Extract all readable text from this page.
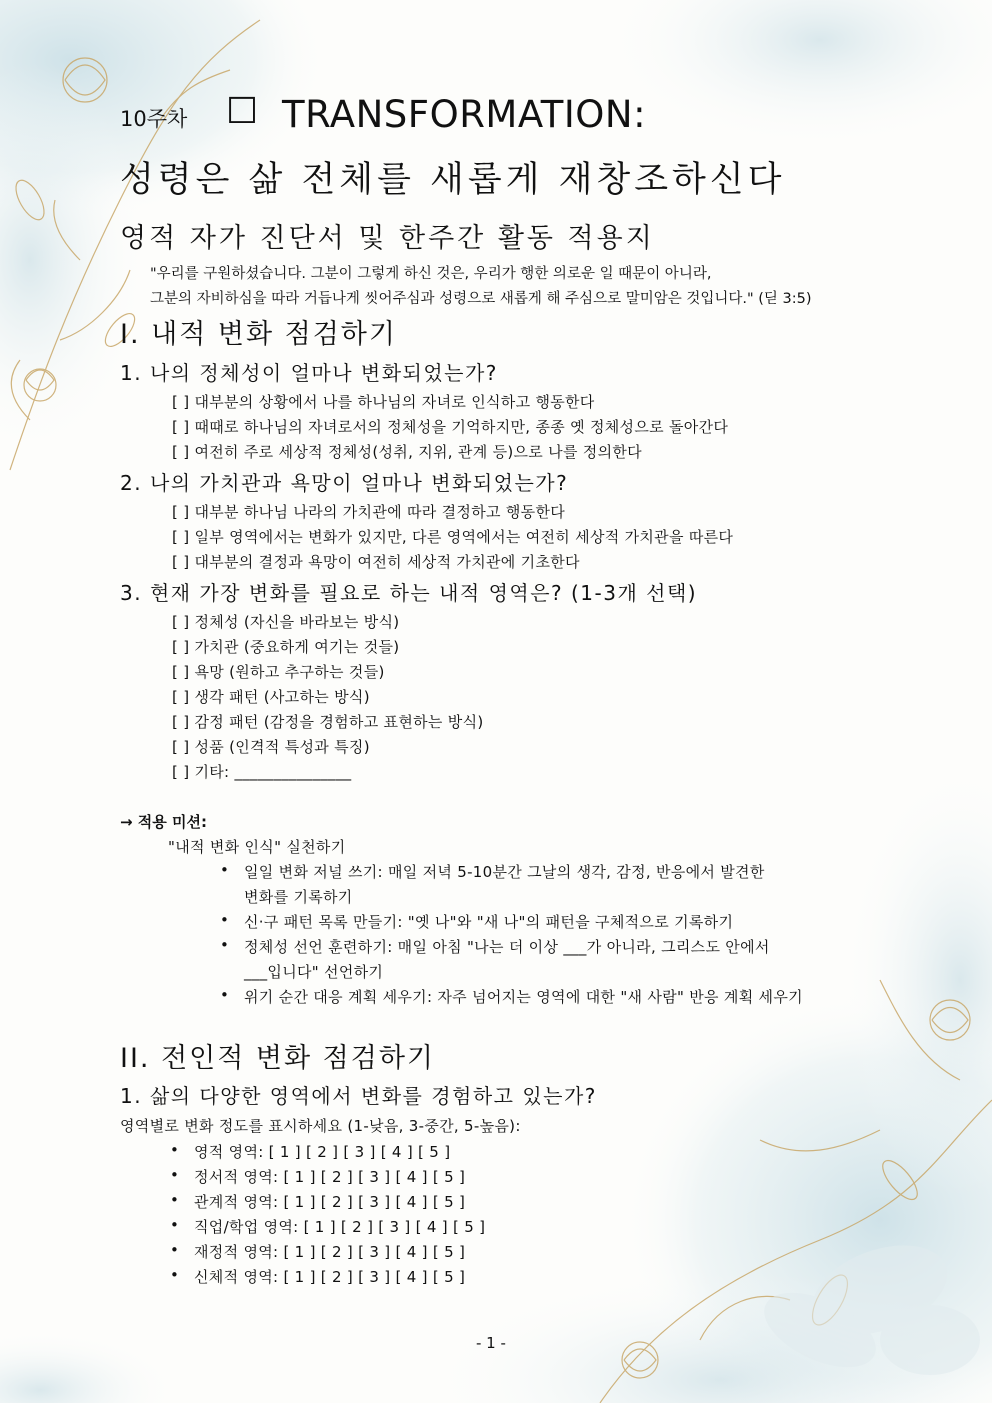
10주차 ☐ TRANSFORMATION:
성령은 삶 전체를 새롭게 재창조하신다
영적 자가 진단서 및 한주간 활동 적용지
"우리를 구원하셨습니다. 그분이 그렇게 하신 것은, 우리가 행한 의로운 일 때문이 아니라,
그분의 자비하심을 따라 거듭나게 씻어주심과 성령으로 새롭게 해 주심으로 말미암은 것입니다." (딛 3:5)
I. 내적 변화 점검하기
1. 나의 정체성이 얼마나 변화되었는가?
[ ] 대부분의 상황에서 나를 하나님의 자녀로 인식하고 행동한다
[ ] 때때로 하나님의 자녀로서의 정체성을 기억하지만, 종종 옛 정체성으로 돌아간다
[ ] 여전히 주로 세상적 정체성(성취, 지위, 관계 등)으로 나를 정의한다
2. 나의 가치관과 욕망이 얼마나 변화되었는가?
[ ] 대부분 하나님 나라의 가치관에 따라 결정하고 행동한다
[ ] 일부 영역에서는 변화가 있지만, 다른 영역에서는 여전히 세상적 가치관을 따른다
[ ] 대부분의 결정과 욕망이 여전히 세상적 가치관에 기초한다
3. 현재 가장 변화를 필요로 하는 내적 영역은? (1-3개 선택)
[ ] 정체성 (자신을 바라보는 방식)
[ ] 가치관 (중요하게 여기는 것들)
[ ] 욕망 (원하고 추구하는 것들)
[ ] 생각 패턴 (사고하는 방식)
[ ] 감정 패턴 (감정을 경험하고 표현하는 방식)
[ ] 성품 (인격적 특성과 특징)
[ ] 기타: _______________
→ 적용 미션:
"내적 변화 인식" 실천하기
• 일일 변화 저널 쓰기: 매일 저녁 5-10분간 그날의 생각, 감정, 반응에서 발견한
변화를 기록하기
• 신·구 패턴 목록 만들기: "옛 나"와 "새 나"의 패턴을 구체적으로 기록하기
• 정체성 선언 훈련하기: 매일 아침 "나는 더 이상 ___가 아니라, 그리스도 안에서
___입니다" 선언하기
• 위기 순간 대응 계획 세우기: 자주 넘어지는 영역에 대한 "새 사람" 반응 계획 세우기
II. 전인적 변화 점검하기
1. 삶의 다양한 영역에서 변화를 경험하고 있는가?
영역별로 변화 정도를 표시하세요 (1-낮음, 3-중간, 5-높음):
• 영적 영역: [ 1 ] [ 2 ] [ 3 ] [ 4 ] [ 5 ]
• 정서적 영역: [ 1 ] [ 2 ] [ 3 ] [ 4 ] [ 5 ]
• 관계적 영역: [ 1 ] [ 2 ] [ 3 ] [ 4 ] [ 5 ]
• 직업/학업 영역: [ 1 ] [ 2 ] [ 3 ] [ 4 ] [ 5 ]
• 재정적 영역: [ 1 ] [ 2 ] [ 3 ] [ 4 ] [ 5 ]
• 신체적 영역: [ 1 ] [ 2 ] [ 3 ] [ 4 ] [ 5 ]
- 1 -
